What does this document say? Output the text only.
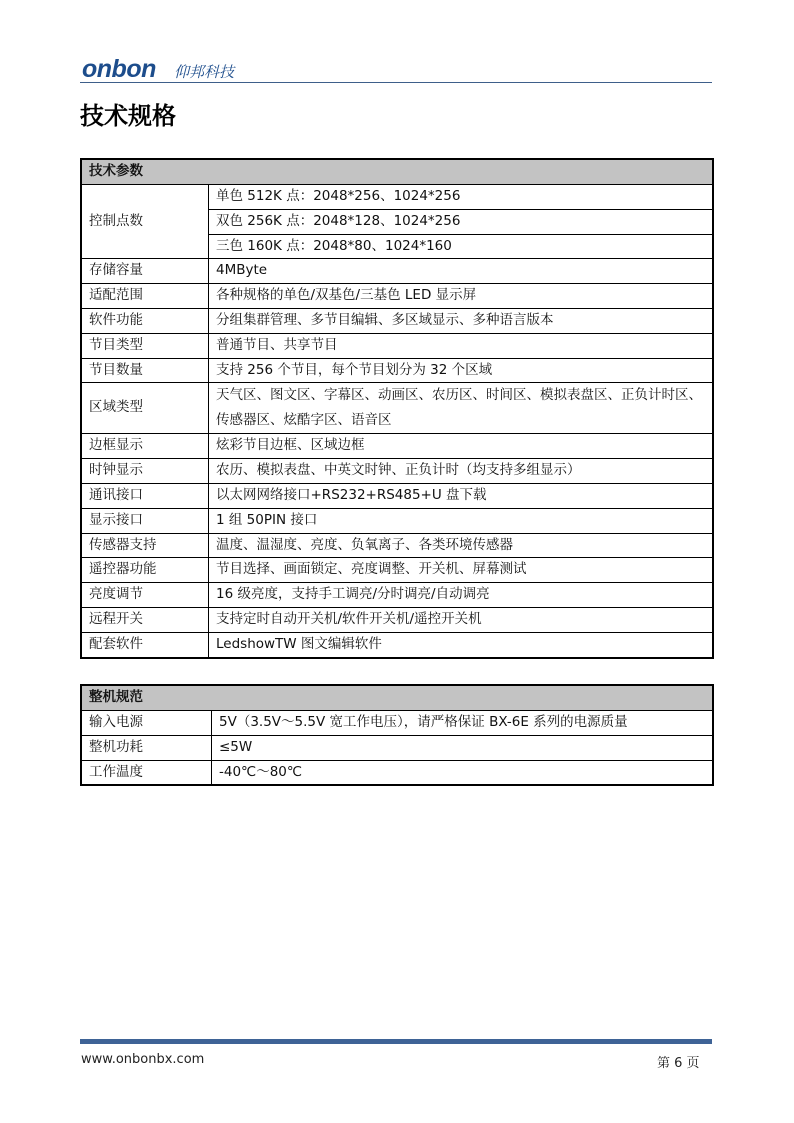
onbon 仰邦科技
技术规格
技术参数	
控制点数	单色 512K 点：2048*256、1024*256
	双色 256K 点：2048*128、1024*256
	三色 160K 点：2048*80、1024*160
存储容量	4MByte
适配范围	各种规格的单色/双基色/三基色 LED 显示屏
软件功能	分组集群管理、多节目编辑、多区域显示、多种语言版本
节目类型	普通节目、共享节目
节目数量	支持 256 个节目，每个节目划分为 32 个区域
区域类型	天气区、图文区、字幕区、动画区、农历区、时间区、模拟表盘区、正负计时区、传感器区、炫酷字区、语音区
边框显示	炫彩节目边框、区域边框
时钟显示	农历、模拟表盘、中英文时钟、正负计时（均支持多组显示）
通讯接口	以太网网络接口+RS232+RS485+U 盘下载
显示接口	1 组 50PIN 接口
传感器支持	温度、温湿度、亮度、负氧离子、各类环境传感器
遥控器功能	节目选择、画面锁定、亮度调整、开关机、屏幕测试
亮度调节	16 级亮度，支持手工调亮/分时调亮/自动调亮
远程开关	支持定时自动开关机/软件开关机/遥控开关机
配套软件	LedshowTW 图文编辑软件
整机规范	
输入电源	5V（3.5V～5.5V 宽工作电压），请严格保证 BX-6E 系列的电源质量
整机功耗	≤5W
工作温度	-40℃～80℃
www.onbonbx.com	第 6 页
